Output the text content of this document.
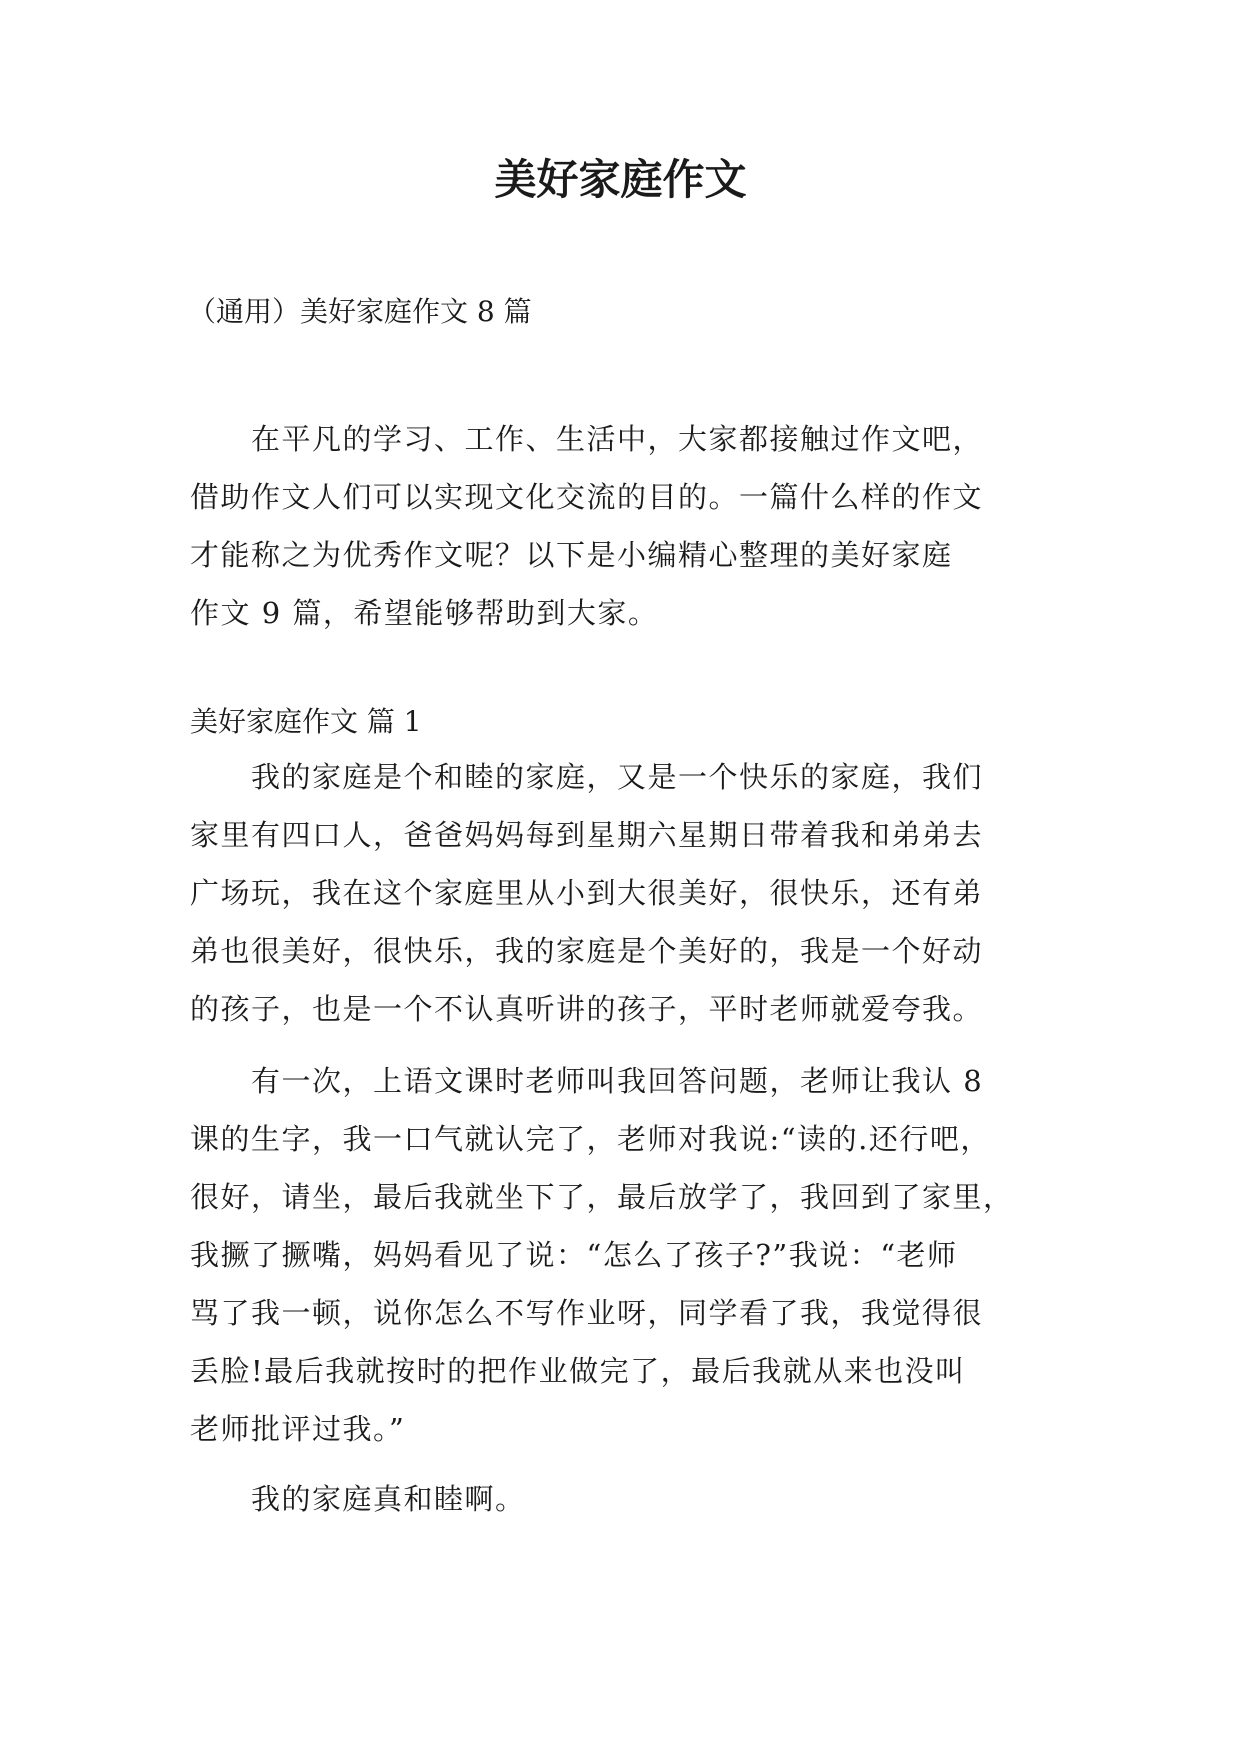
美好家庭作文

（通用）美好家庭作文 8 篇

　　在平凡的学习、工作、生活中，大家都接触过作文吧，
借助作文人们可以实现文化交流的目的。一篇什么样的作文
才能称之为优秀作文呢？以下是小编精心整理的美好家庭
作文 9 篇，希望能够帮助到大家。

美好家庭作文 篇 1

　　我的家庭是个和睦的家庭，又是一个快乐的家庭，我们
家里有四口人，爸爸妈妈每到星期六星期日带着我和弟弟去
广场玩，我在这个家庭里从小到大很美好，很快乐，还有弟
弟也很美好，很快乐，我的家庭是个美好的，我是一个好动
的孩子，也是一个不认真听讲的孩子，平时老师就爱夸我。

　　有一次，上语文课时老师叫我回答问题，老师让我认 8
课的生字，我一口气就认完了，老师对我说:“读的.还行吧，
很好，请坐，最后我就坐下了，最后放学了，我回到了家里，
我撅了撅嘴，妈妈看见了说：“怎么了孩子?”我说：“老师
骂了我一顿，说你怎么不写作业呀，同学看了我，我觉得很
丢脸!最后我就按时的把作业做完了，最后我就从来也没叫
老师批评过我。”

　　我的家庭真和睦啊。
